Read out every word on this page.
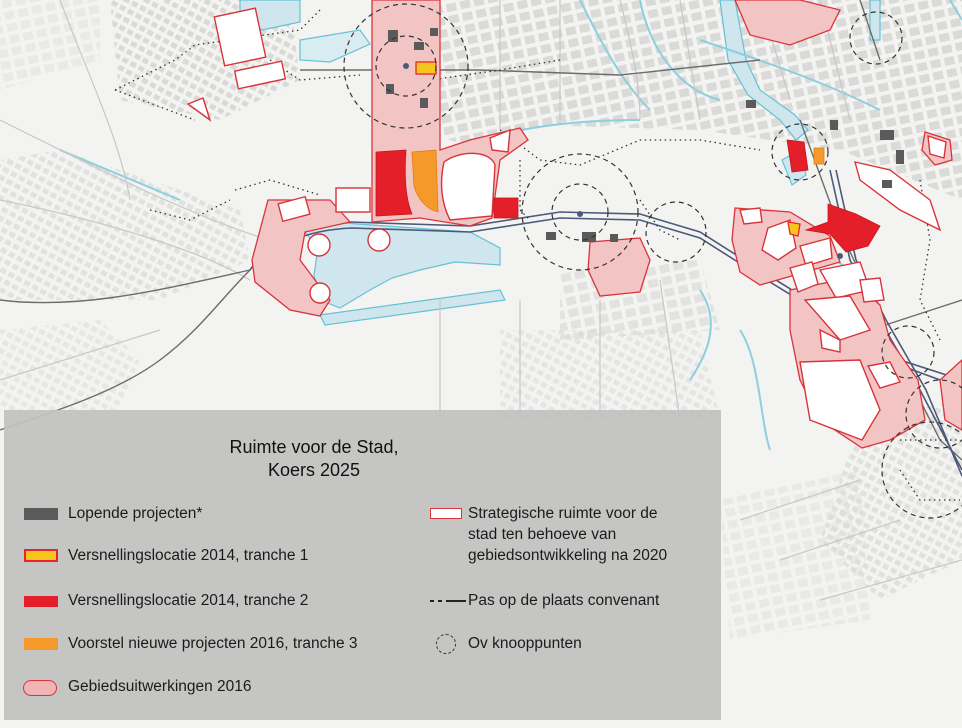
Ruimte voor de Stad,
Koers 2025
Lopende projecten*
Versnellingslocatie 2014, tranche 1
Versnellingslocatie 2014, tranche 2
Voorstel nieuwe projecten 2016, tranche 3
Gebiedsuitwerkingen 2016
Strategische ruimte voor de
stad ten behoeve van
gebiedsontwikkeling na 2020
Pas op de plaats convenant
Ov knooppunten
